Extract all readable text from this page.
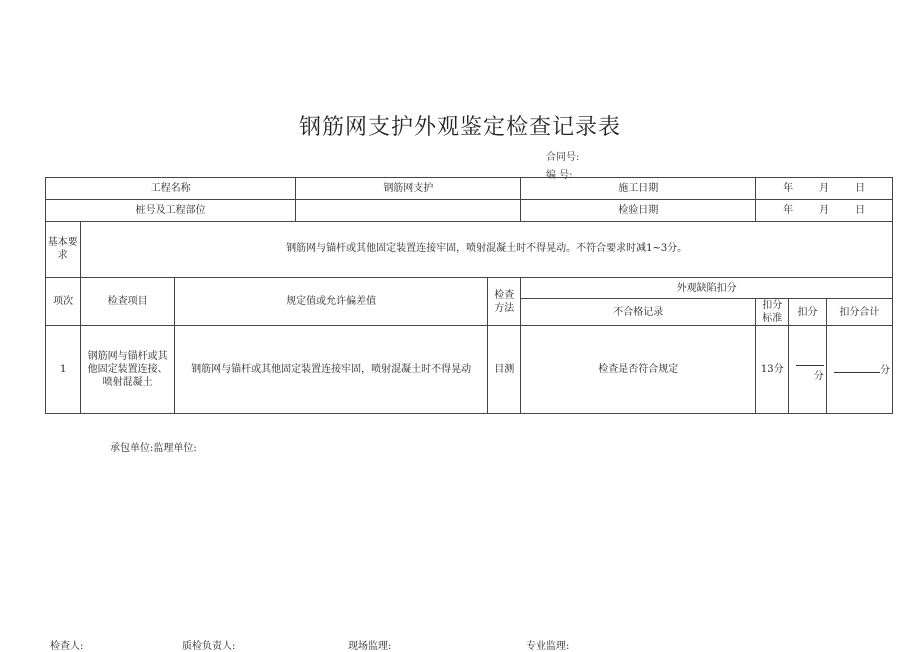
钢筋网支护外观鉴定检查记录表
合同号:
编 号:
工程名称			钢筋网支护		施工日期	年 月 日		

桩号及工程部位					检验日期	年 月 日		

基本要求	钢筋网与锚杆或其他固定装置连接牢固，喷射混凝土时不得晃动。不符合要求时减1~3分。							
项次	检查项目	规定值或允许偏差值		检查方法	外观缺陷扣分			
					不合格记录	扣分标准	扣分	扣分合计
1	钢筋网与锚杆或其他固定装置连接、喷射混凝土	钢筋网与锚杆或其他固定装置连接牢固，喷射混凝土时不得晃动		目测	检查是否符合规定	13分	分	分
承包单位:监理单位:
检查人:	质检负责人:	现场监理:	专业监理:
